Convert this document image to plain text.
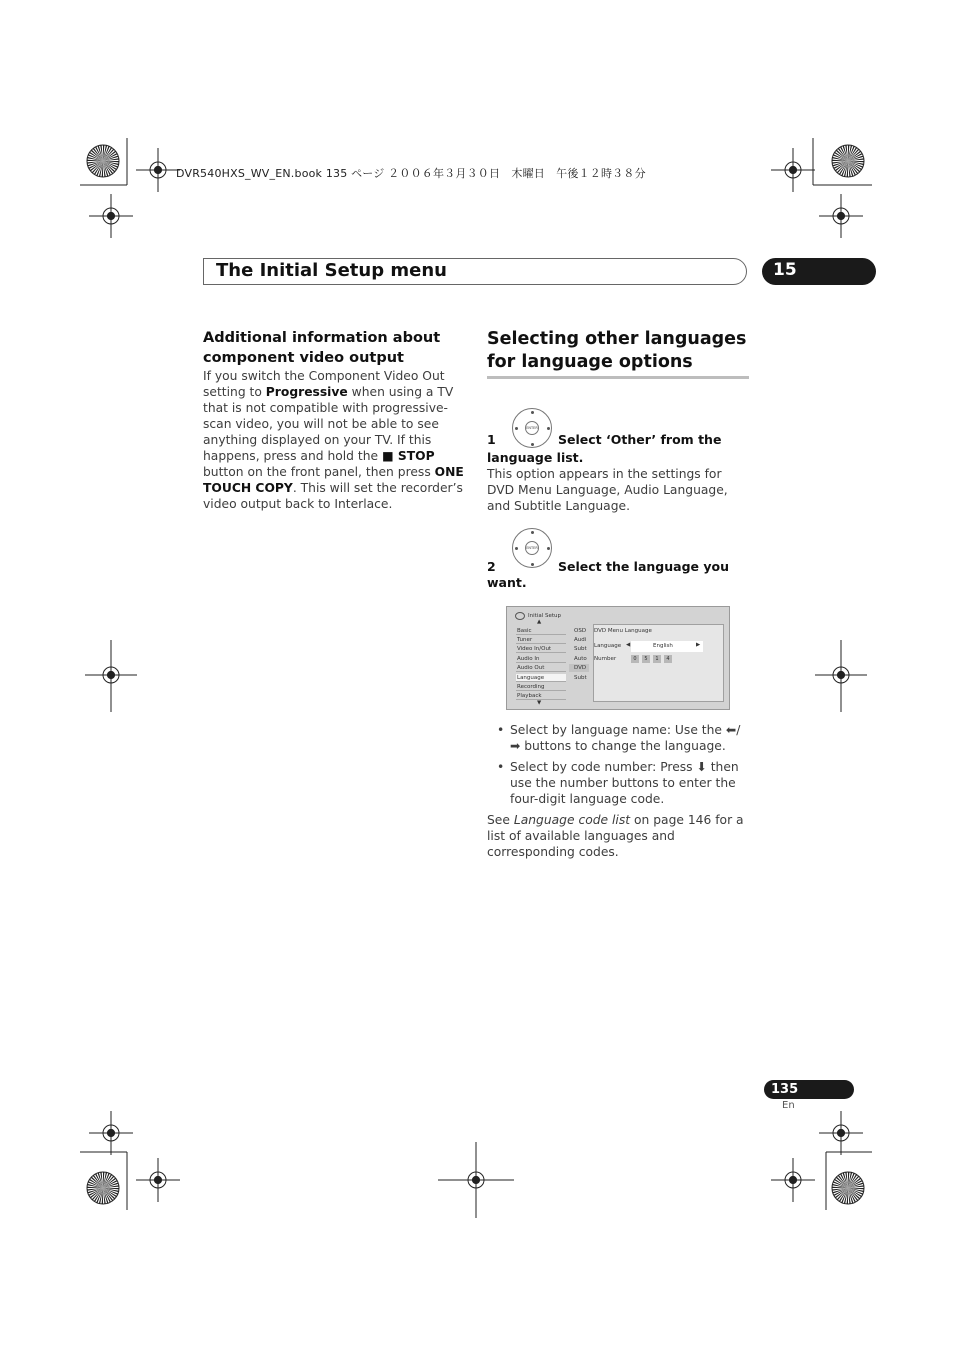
DVR540HXS_WV_EN.book 135 ページ ２００６年３月３０日　木曜日　午後１２時３８分
The Initial Setup menu	15
Additional information about component video output
If you switch the Component Video Out setting to Progressive when using a TV that is not compatible with progressive-scan video, you will not be able to see anything displayed on your TV. If this happens, press and hold the ■ STOP button on the front panel, then press ONE TOUCH COPY. This will set the recorder’s video output back to Interlace.
Selecting other languages for language options
ENTER
1	Select ‘Other’ from the
language list.
This option appears in the settings for DVD Menu Language, Audio Language, and Subtitle Language.
ENTER
2	Select the language you
want.
Initial Setup
▲
Basic
Tuner
Video In/Out
Audio In
Audio Out
Language
Recording
Playback
▼
OSD
Audi
Subt
Auto
DVD
Subt
DVD Menu Language
Language ◀	English	▶
Number	0	5	1	4
• Select by language name: Use the ⬅/➡ buttons to change the language.
• Select by code number: Press ⬇ then use the number buttons to enter the four-digit language code.
See Language code list on page 146 for a list of available languages and corresponding codes.
135
En
